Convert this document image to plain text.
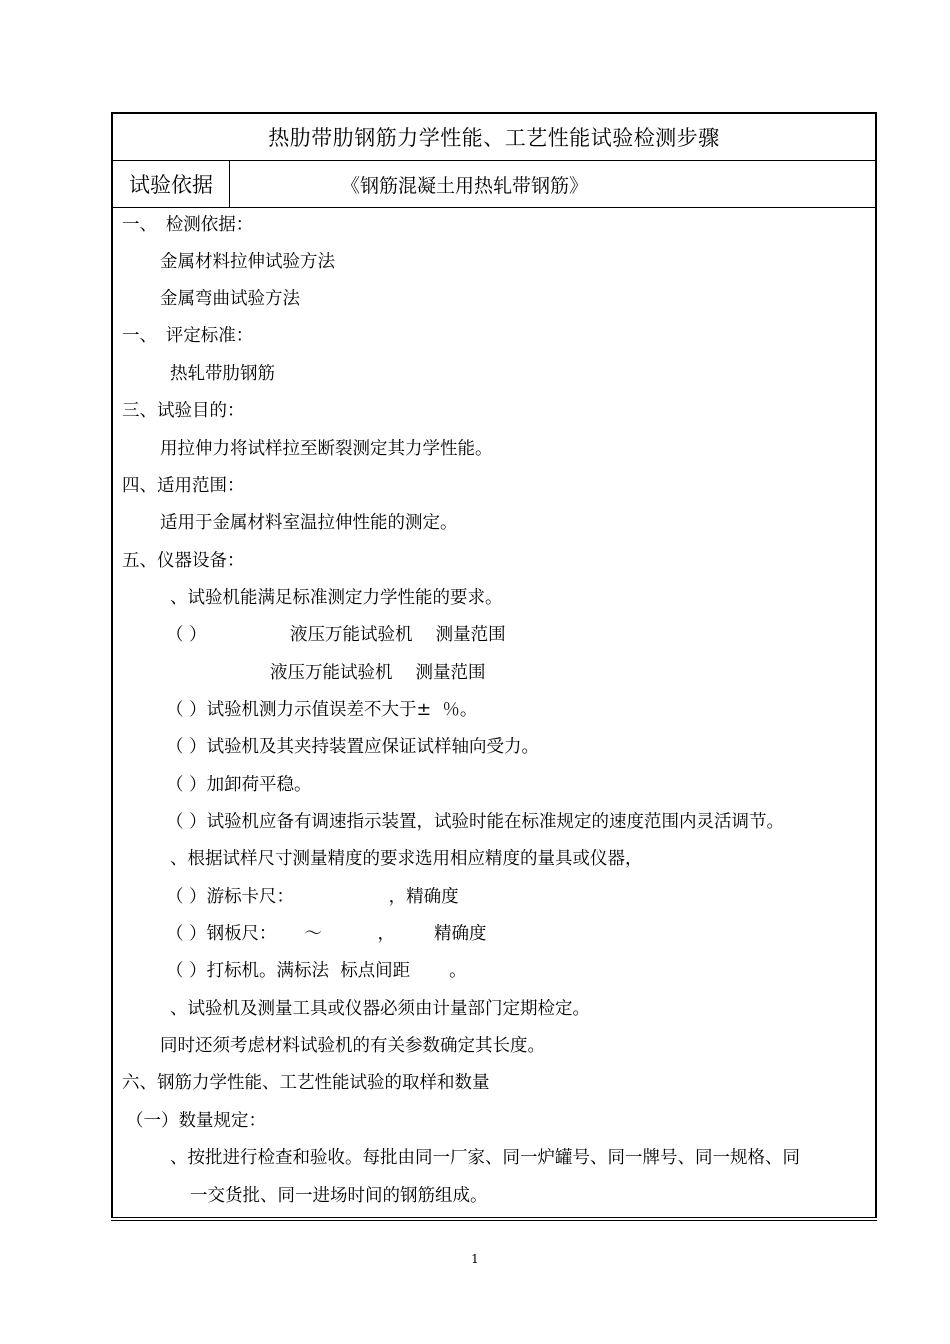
热肋带肋钢筋力学性能、工艺性能试验检测步骤
试验依据	《钢筋混凝土用热轧带钢筋》
一、　检测依据：
金属材料拉伸试验方法
金属弯曲试验方法
一、　评定标准：
热轧带肋钢筋
三、试验目的：
用拉伸力将试样拉至断裂测定其力学性能。
四、适用范围：
适用于金属材料室温拉伸性能的测定。
五、仪器设备：
、试验机能满足标准测定力学性能的要求。
（ ）               液压万能试验机　 测量范围
液压万能试验机　 测量范围
（ ）试验机测力示值误差不大于±  ％。
（ ）试验机及其夹持装置应保证试样轴向受力。
（ ）加卸荷平稳。
（ ）试验机应备有调速指示装置，试验时能在标准规定的速度范围内灵活调节。
、根据试样尺寸测量精度的要求选用相应精度的量具或仪器，
（ ）游标卡尺：                 ，精确度
（ ）钢板尺：     ～          ，       精确度
（ ）打标机。满标法  标点间距       。
、试验机及测量工具或仪器必须由计量部门定期检定。
同时还须考虑材料试验机的有关参数确定其长度。
六、钢筋力学性能、工艺性能试验的取样和数量
（一）数量规定：
、按批进行检查和验收。每批由同一厂家、同一炉罐号、同一牌号、同一规格、同
一交货批、同一进场时间的钢筋组成。
1
